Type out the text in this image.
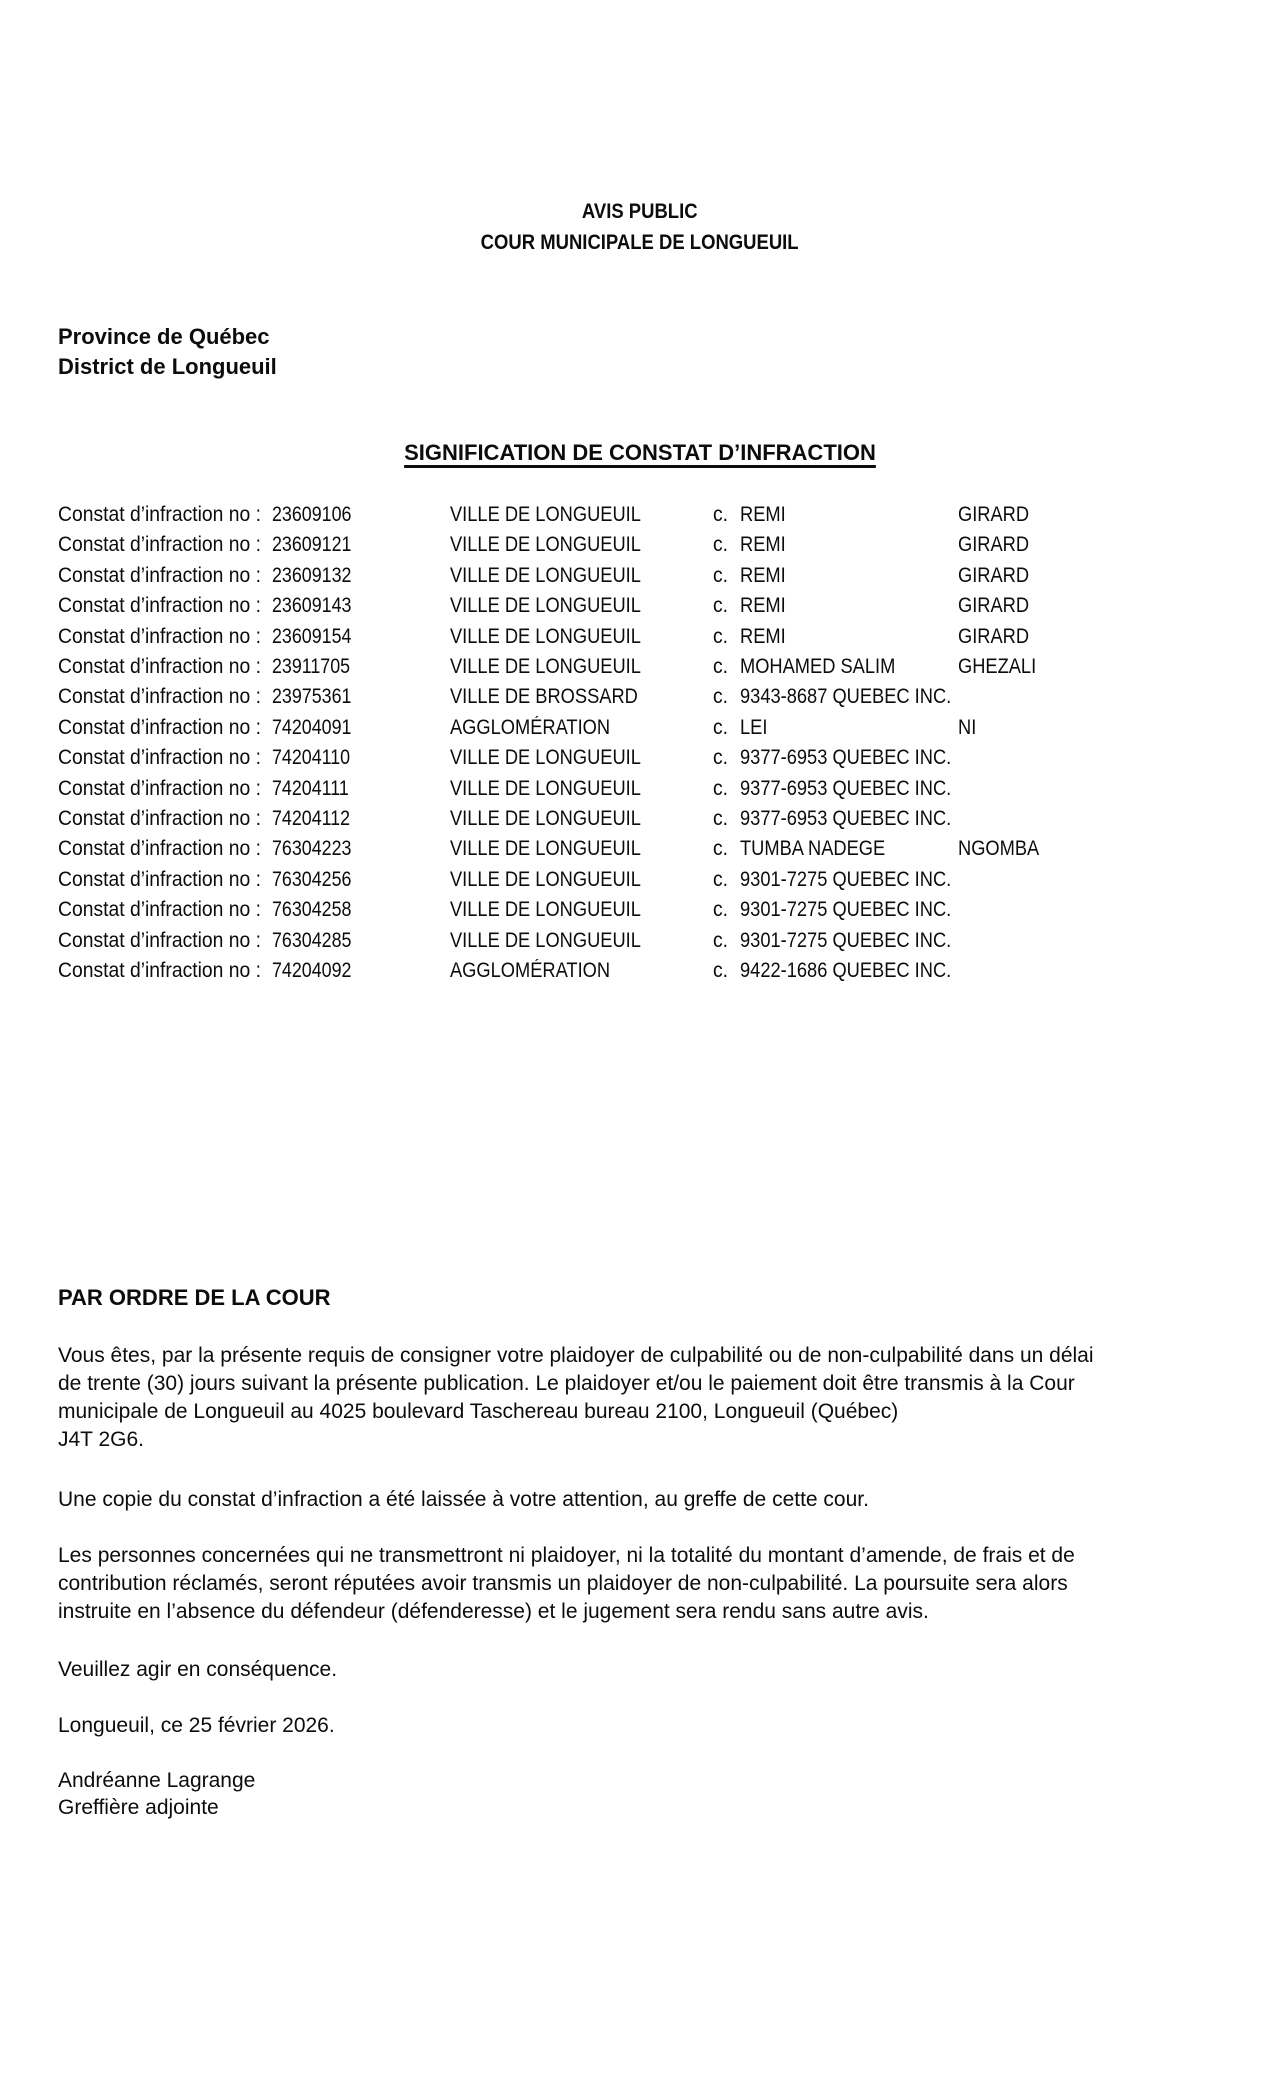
AVIS PUBLIC
COUR MUNICIPALE DE LONGUEUIL
Province de Québec
District de Longueuil
SIGNIFICATION DE CONSTAT D’INFRACTION
Constat d’infraction no : 23609106	VILLE DE LONGUEUIL	c. REMI	GIRARD
Constat d’infraction no : 23609121	VILLE DE LONGUEUIL	c. REMI	GIRARD
Constat d’infraction no : 23609132	VILLE DE LONGUEUIL	c. REMI	GIRARD
Constat d’infraction no : 23609143	VILLE DE LONGUEUIL	c. REMI	GIRARD
Constat d’infraction no : 23609154	VILLE DE LONGUEUIL	c. REMI	GIRARD
Constat d’infraction no : 23911705	VILLE DE LONGUEUIL	c. MOHAMED SALIM	GHEZALI
Constat d’infraction no : 23975361	VILLE DE BROSSARD	c. 9343-8687 QUEBEC INC.
Constat d’infraction no : 74204091	AGGLOMÉRATION	c. LEI	NI
Constat d’infraction no : 74204110	VILLE DE LONGUEUIL	c. 9377-6953 QUEBEC INC.
Constat d’infraction no : 74204111	VILLE DE LONGUEUIL	c. 9377-6953 QUEBEC INC.
Constat d’infraction no : 74204112	VILLE DE LONGUEUIL	c. 9377-6953 QUEBEC INC.
Constat d’infraction no : 76304223	VILLE DE LONGUEUIL	c. TUMBA NADEGE	NGOMBA
Constat d’infraction no : 76304256	VILLE DE LONGUEUIL	c. 9301-7275 QUEBEC INC.
Constat d’infraction no : 76304258	VILLE DE LONGUEUIL	c. 9301-7275 QUEBEC INC.
Constat d’infraction no : 76304285	VILLE DE LONGUEUIL	c. 9301-7275 QUEBEC INC.
Constat d’infraction no : 74204092	AGGLOMÉRATION	c. 9422-1686 QUEBEC INC.
PAR ORDRE DE LA COUR
Vous êtes, par la présente requis de consigner votre plaidoyer de culpabilité ou de non-culpabilité dans un délai
de trente (30) jours suivant la présente publication. Le plaidoyer et/ou le paiement doit être transmis à la Cour
municipale de Longueuil au 4025 boulevard Taschereau bureau 2100, Longueuil (Québec)
J4T 2G6.
Une copie du constat d’infraction a été laissée à votre attention, au greffe de cette cour.
Les personnes concernées qui ne transmettront ni plaidoyer, ni la totalité du montant d’amende, de frais et de
contribution réclamés, seront réputées avoir transmis un plaidoyer de non-culpabilité. La poursuite sera alors
instruite en l’absence du défendeur (défenderesse) et le jugement sera rendu sans autre avis.
Veuillez agir en conséquence.
Longueuil, ce 25 février 2026.
Andréanne Lagrange
Greffière adjointe
